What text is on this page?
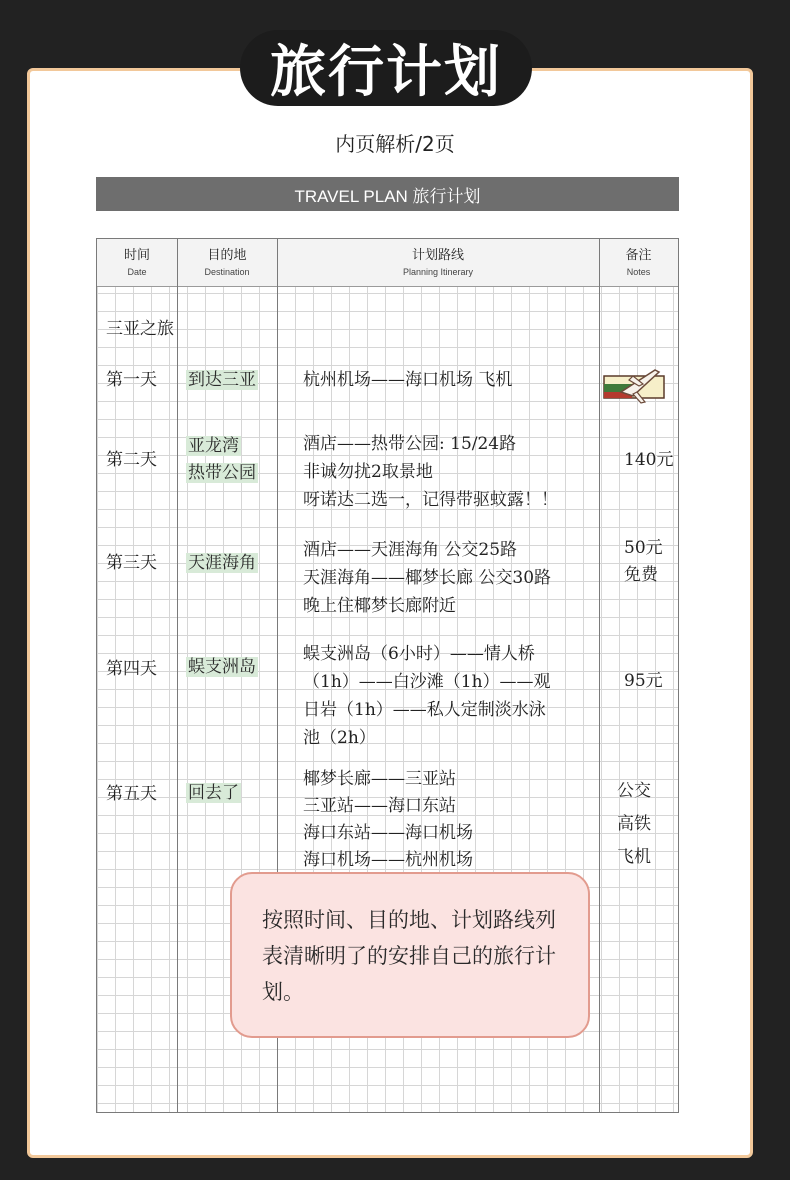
旅行计划
内页解析/2页
TRAVEL PLAN 旅行计划
时间
Date
目的地
Destination
计划路线
Planning Itinerary
备注
Notes
三亚之旅
第一天 到达三亚	杭州机场——海口机场 飞机
第二天
亚龙湾
热带公园
酒店——热带公园: 15/24路
非诚勿扰2取景地
呀诺达二选一，记得带驱蚊露！！
140元
第三天 天涯海角
酒店——天涯海角 公交25路
天涯海角——椰梦长廊 公交30路
晚上住椰梦长廊附近
50元
免费
第四天 蜈支洲岛
蜈支洲岛（6小时）——情人桥
（1h）——白沙滩（1h）——观
日岩（1h）——私人定制淡水泳
池（2h）
95元
第五天 回去了
椰梦长廊——三亚站
三亚站——海口东站
海口东站——海口机场
海口机场——杭州机场
公交
高铁
飞机
按照时间、目的地、计划路线列表清晰明了的安排自己的旅行计划。
